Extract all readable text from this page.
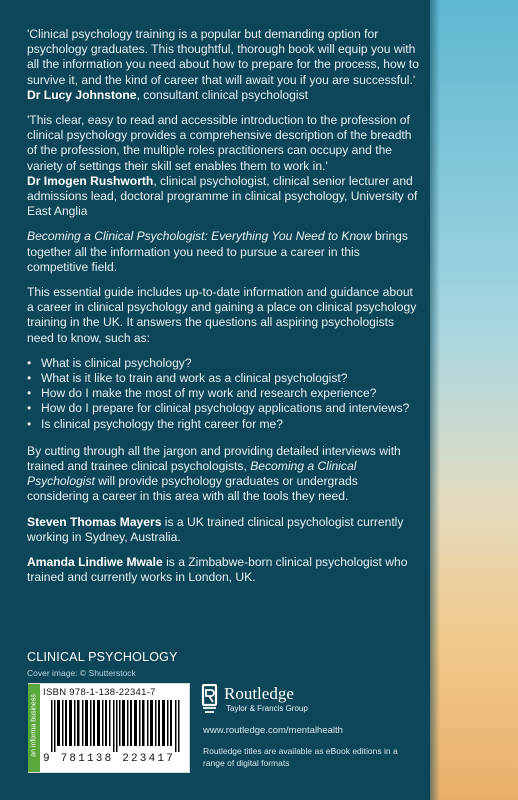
'Clinical psychology training is a popular but demanding option for psychology graduates. This thoughtful, thorough book will equip you with all the information you need about how to prepare for the process, how to survive it, and the kind of career that will await you if you are successful.'
Dr Lucy Johnstone, consultant clinical psychologist

'This clear, easy to read and accessible introduction to the profession of clinical psychology provides a comprehensive description of the breadth of the profession, the multiple roles practitioners can occupy and the variety of settings their skill set enables them to work in.'
Dr Imogen Rushworth, clinical psychologist, clinical senior lecturer and admissions lead, doctoral programme in clinical psychology, University of East Anglia

Becoming a Clinical Psychologist: Everything You Need to Know brings together all the information you need to pursue a career in this competitive field.

This essential guide includes up-to-date information and guidance about a career in clinical psychology and gaining a place on clinical psychology training in the UK. It answers the questions all aspiring psychologists need to know, such as:

• What is clinical psychology?
• What is it like to train and work as a clinical psychologist?
• How do I make the most of my work and research experience?
• How do I prepare for clinical psychology applications and interviews?
• Is clinical psychology the right career for me?

By cutting through all the jargon and providing detailed interviews with trained and trainee clinical psychologists, Becoming a Clinical Psychologist will provide psychology graduates or undergrads considering a career in this area with all the tools they need.

Steven Thomas Mayers is a UK trained clinical psychologist currently working in Sydney, Australia.

Amanda Lindiwe Mwale is a Zimbabwe-born clinical psychologist who trained and currently works in London, UK.

CLINICAL PSYCHOLOGY
Cover image: © Shutterstock
an informa business
ISBN 978-1-138-22341-7
9 781138 223417
Routledge
Taylor & Francis Group
www.routledge.com/mentalhealth
Routledge titles are available as eBook editions in a range of digital formats
